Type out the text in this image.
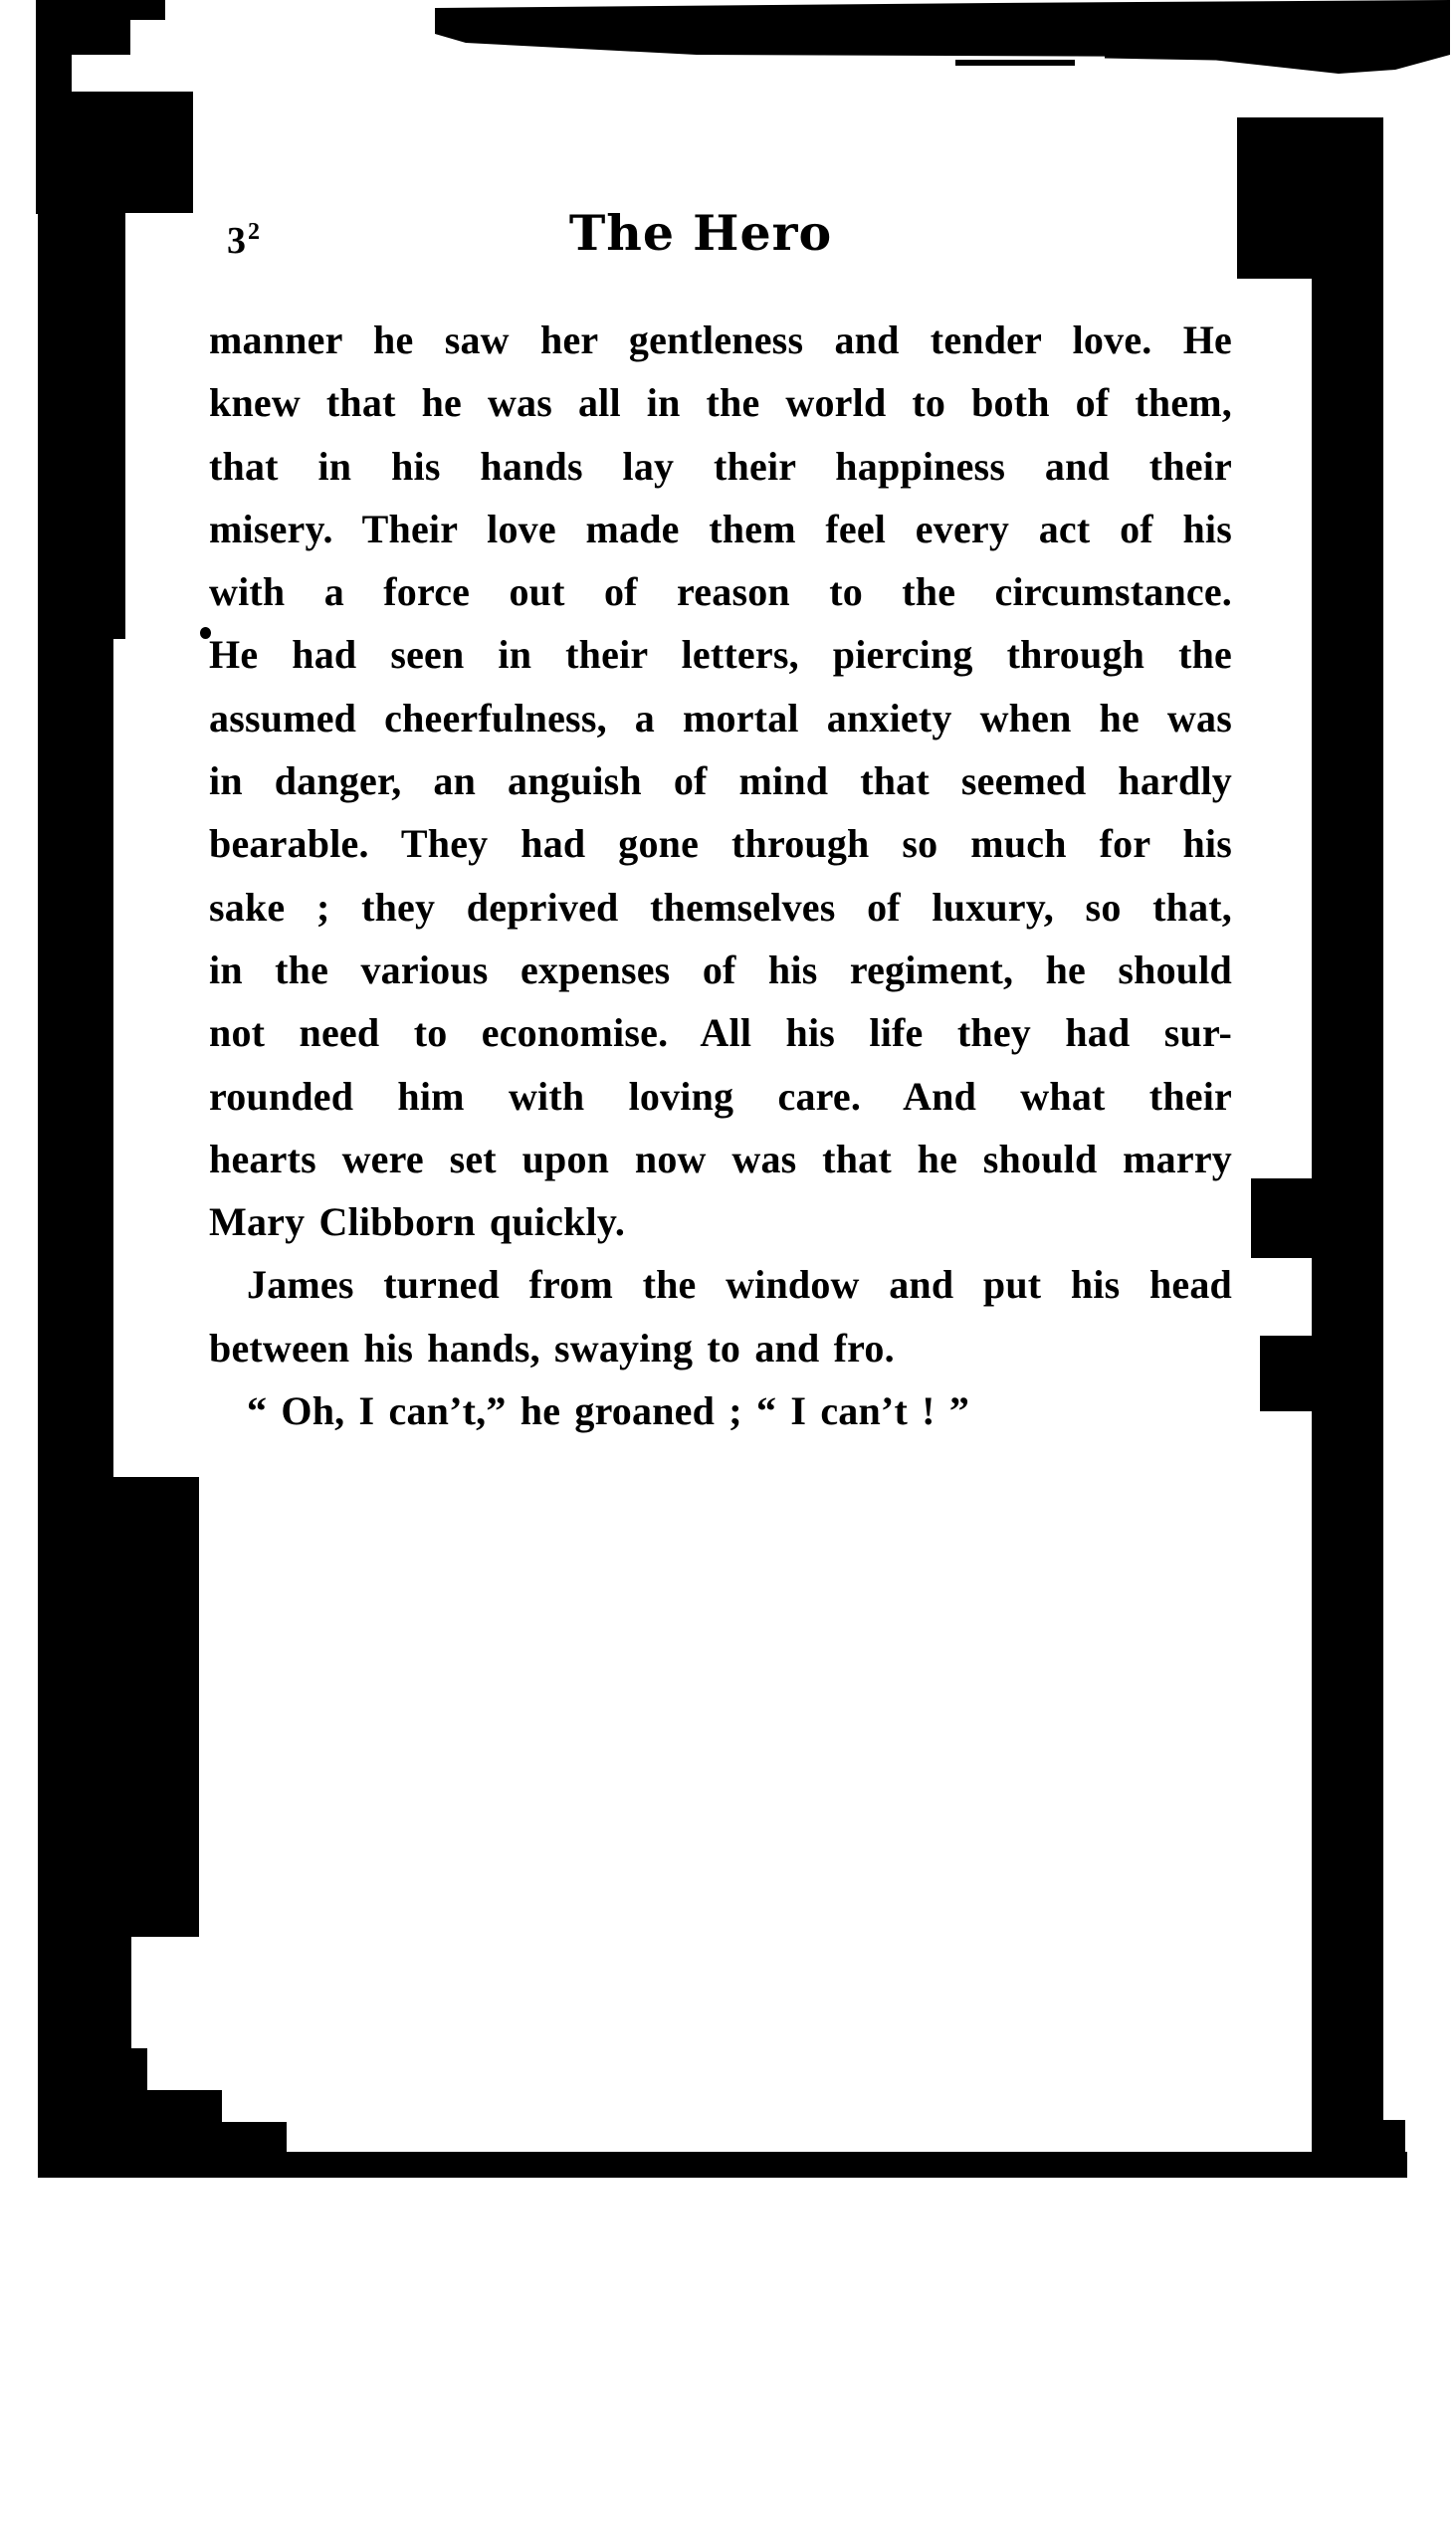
$3^2$	The Hero
manner he saw her gentleness and tender love. He
knew that he was all in the world to both of them,
that in his hands lay their happiness and their
misery. Their love made them feel every act of his
with a force out of reason to the circumstance.
He had seen in their letters, piercing through the
assumed cheerfulness, a mortal anxiety when he was
in danger, an anguish of mind that seemed hardly
bearable. They had gone through so much for his
sake ; they deprived themselves of luxury, so that,
in the various expenses of his regiment, he should
not need to economise. All his life they had sur-
rounded him with loving care. And what their
hearts were set upon now was that he should marry
Mary Clibborn quickly.
James turned from the window and put his head
between his hands, swaying to and fro.
“ Oh, I can’t,” he groaned ; “ I can’t ! ”
